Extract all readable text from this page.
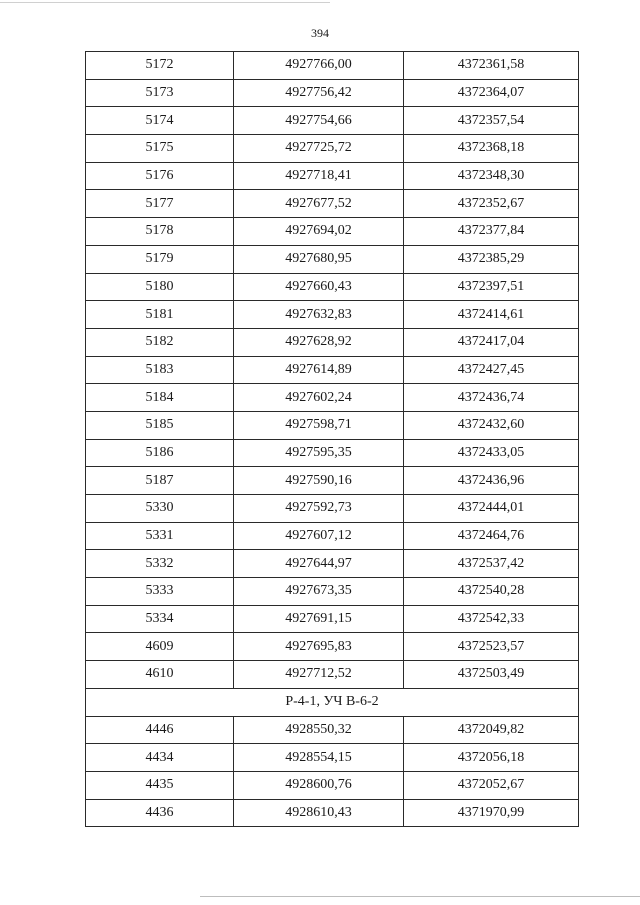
394
5172	4927766,00	4372361,58
5173	4927756,42	4372364,07
5174	4927754,66	4372357,54
5175	4927725,72	4372368,18
5176	4927718,41	4372348,30
5177	4927677,52	4372352,67
5178	4927694,02	4372377,84
5179	4927680,95	4372385,29
5180	4927660,43	4372397,51
5181	4927632,83	4372414,61
5182	4927628,92	4372417,04
5183	4927614,89	4372427,45
5184	4927602,24	4372436,74
5185	4927598,71	4372432,60
5186	4927595,35	4372433,05
5187	4927590,16	4372436,96
5330	4927592,73	4372444,01
5331	4927607,12	4372464,76
5332	4927644,97	4372537,42
5333	4927673,35	4372540,28
5334	4927691,15	4372542,33
4609	4927695,83	4372523,57
4610	4927712,52	4372503,49
Р-4-1, УЧ В-6-2		
4446	4928550,32	4372049,82
4434	4928554,15	4372056,18
4435	4928600,76	4372052,67
4436	4928610,43	4371970,99
